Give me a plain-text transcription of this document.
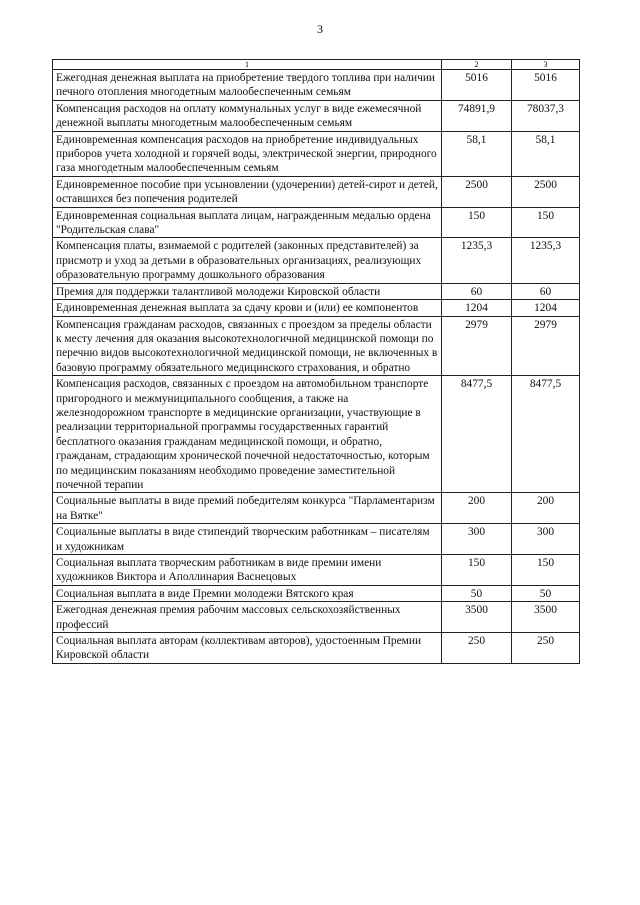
3
1	2	3
Ежегодная денежная выплата на приобретение твердого топлива при наличии печного отопления многодетным малообеспеченным семьям	5016	5016
Компенсация расходов на оплату коммунальных услуг в виде ежемесячной денежной выплаты многодетным малообеспеченным семьям	74891,9	78037,3
Единовременная компенсация расходов на приобретение индивидуальных приборов учета холодной и горячей воды, электрической энергии, природного газа многодетным малообеспеченным семьям	58,1	58,1
Единовременное пособие при усыновлении (удочерении) детей-сирот и детей, оставшихся без попечения родителей	2500	2500
Единовременная социальная выплата лицам, награжденным медалью ордена "Родительская слава"	150	150
Компенсация платы, взимаемой с родителей (законных представителей) за присмотр и уход за детьми в образовательных организациях, реализующих образовательную программу дошкольного образования	1235,3	1235,3
Премия для поддержки талантливой молодежи Кировской области	60	60
Единовременная денежная выплата за сдачу крови и (или) ее компонентов	1204	1204
Компенсация гражданам расходов, связанных с проездом за пределы области к месту лечения для оказания высокотехнологичной медицинской помощи по перечню видов высокотехнологичной медицинской помощи, не включенных в базовую программу обязательного медицинского страхования, и обратно	2979	2979
Компенсация расходов, связанных с проездом на автомобильном транспорте пригородного и межмуниципального сообщения, а также на железнодорожном транспорте в медицинские организации, участвующие в реализации территориальной программы государственных гарантий бесплатного оказания гражданам медицинской помощи, и обратно, гражданам, страдающим хронической почечной недостаточностью, которым по медицинским показаниям необходимо проведение заместительной почечной терапии	8477,5	8477,5
Социальные выплаты в виде премий победителям конкурса "Парламентаризм на Вятке"	200	200
Социальные выплаты в виде стипендий творческим работникам – писателям и художникам	300	300
Социальная выплата творческим работникам в виде премии имени художников Виктора и Аполлинария Васнецовых	150	150
Социальная выплата в виде Премии молодежи Вятского края	50	50
Ежегодная денежная премия рабочим массовых сельскохозяйственных профессий	3500	3500
Социальная выплата авторам (коллективам авторов), удостоенным Премии Кировской области	250	250
